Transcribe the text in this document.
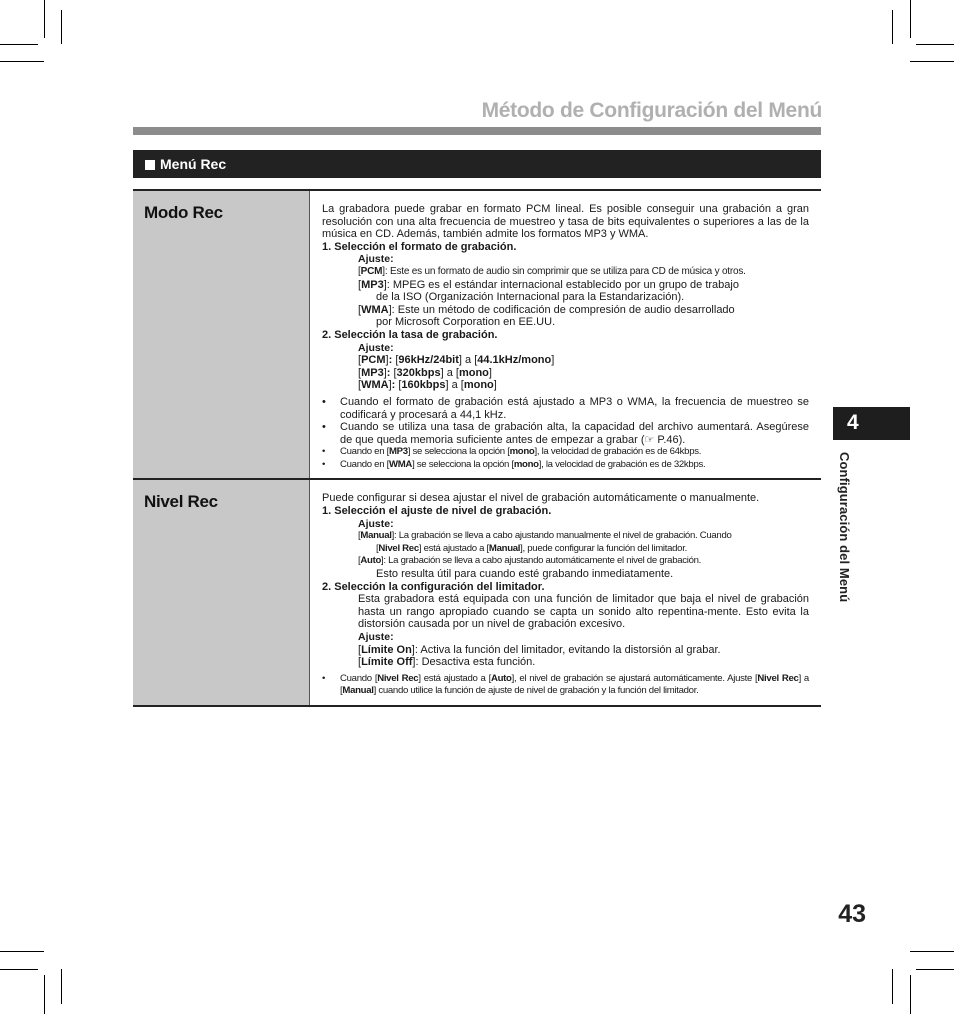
Método de Configuración del Menú
Menú Rec
Modo Rec	La grabadora puede grabar en formato PCM lineal. Es posible conseguir una grabación a gran resolución con una alta frecuencia de muestreo y tasa de bits equivalentes o superiores a las de la música en CD. Además, también admite los formatos MP3 y WMA.
1. Selección el formato de grabación.
Ajuste:
[PCM]: Este es un formato de audio sin comprimir que se utiliza para CD de música y otros.
[MP3]: MPEG es el estándar internacional establecido por un grupo de trabajo
de la ISO (Organización Internacional para la Estandarización).
[WMA]: Este un método de codificación de compresión de audio desarrollado
por Microsoft Corporation en EE.UU.
2. Selección la tasa de grabación.
Ajuste:
[PCM]: [96kHz/24bit] a [44.1kHz/mono]
[MP3]: [320kbps] a [mono]
[WMA]: [160kbps] a [mono]
• Cuando el formato de grabación está ajustado a MP3 o WMA, la frecuencia de muestreo se codificará y procesará a 44,1 kHz.
• Cuando se utiliza una tasa de grabación alta, la capacidad del archivo aumentará. Asegúrese de que queda memoria suficiente antes de empezar a grabar (☞ P.46).
• Cuando en [MP3] se selecciona la opción [mono], la velocidad de grabación es de 64kbps.
• Cuando en [WMA] se selecciona la opción [mono], la velocidad de grabación es de 32kbps.
Nivel Rec	Puede configurar si desea ajustar el nivel de grabación automáticamente o manualmente.
1. Selección el ajuste de nivel de grabación.
Ajuste:
[Manual]: La grabación se lleva a cabo ajustando manualmente el nivel de grabación. Cuando
[Nivel Rec] está ajustado a [Manual], puede configurar la función del limitador.
[Auto]: La grabación se lleva a cabo ajustando automáticamente el nivel de grabación.
Esto resulta útil para cuando esté grabando inmediatamente.
2. Selección la configuración del limitador.
Esta grabadora está equipada con una función de limitador que baja el nivel de grabación hasta un rango apropiado cuando se capta un sonido alto repentina-mente. Esto evita la distorsión causada por un nivel de grabación excesivo.
Ajuste:
[Límite On]: Activa la función del limitador, evitando la distorsión al grabar.
[Límite Off]: Desactiva esta función.
• Cuando [Nivel Rec] está ajustado a [Auto], el nivel de grabación se ajustará automáticamente. Ajuste [Nivel Rec] a [Manual] cuando utilice la función de ajuste de nivel de grabación y la función del limitador.
4
Configuración del Menú
43
